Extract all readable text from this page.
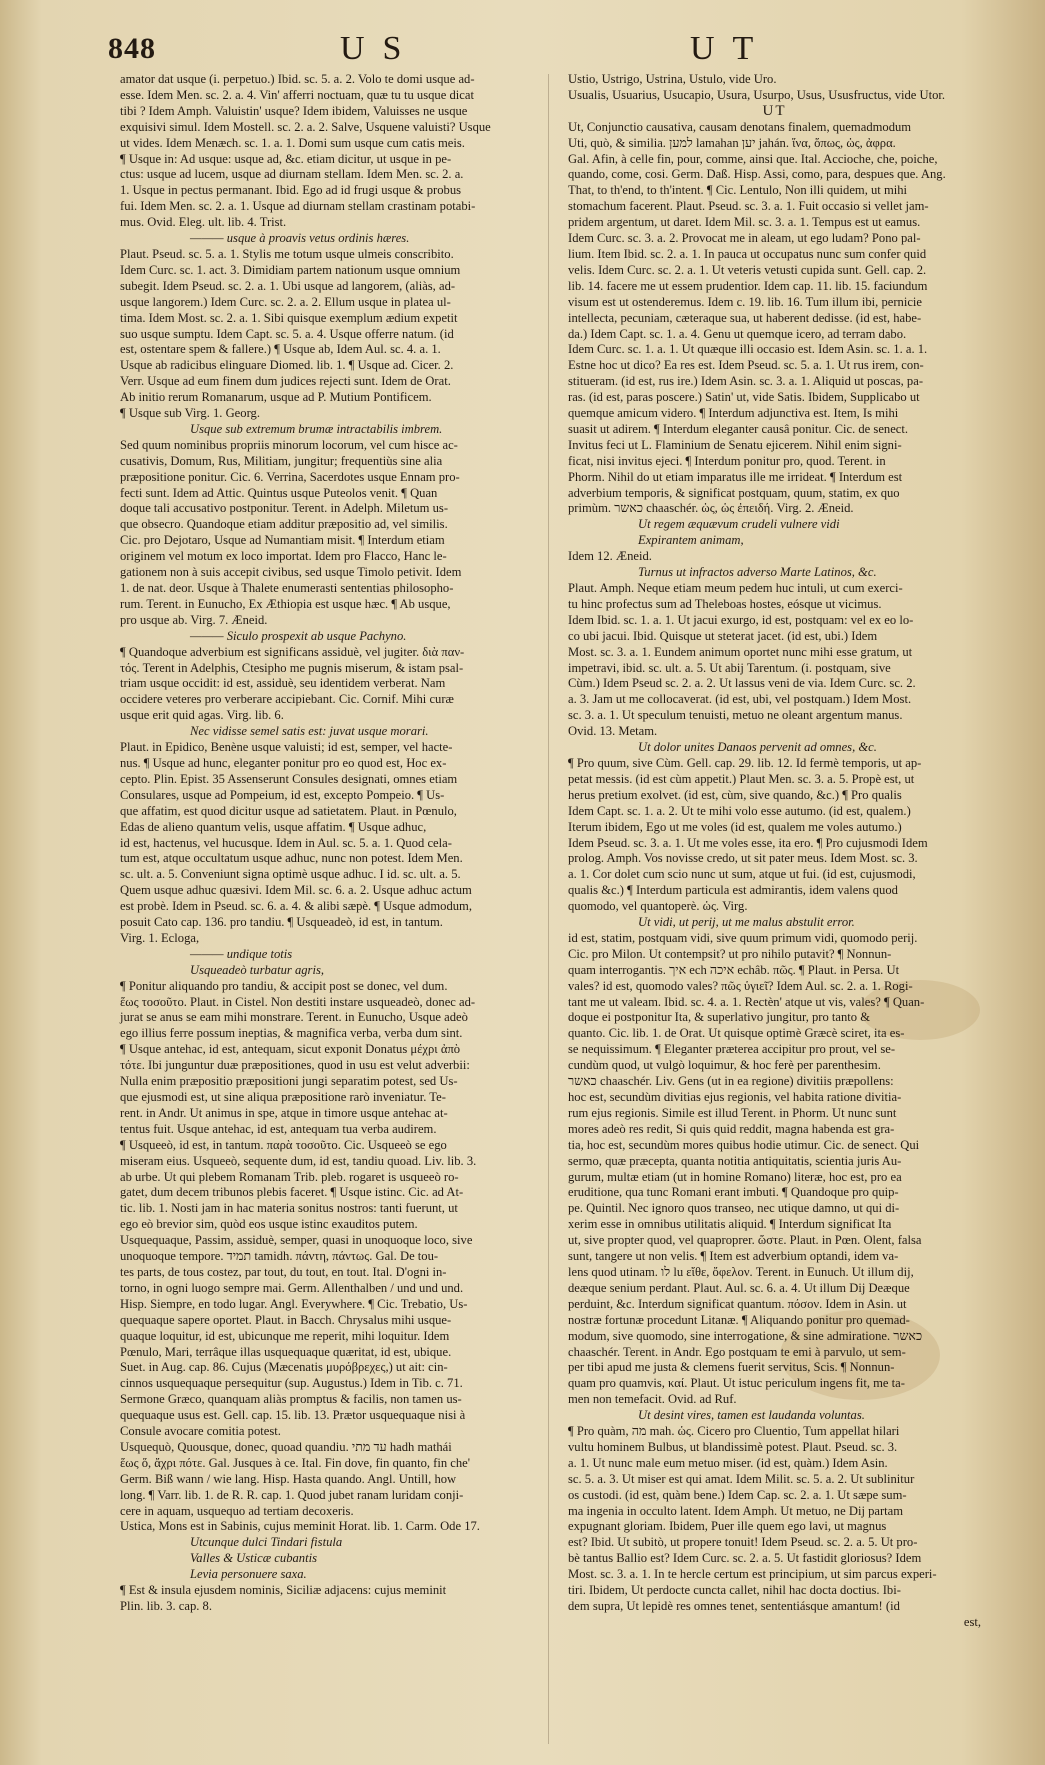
848	US	UT

amator dat usque (i. perpetuo.) Ibid. sc. 5. a. 2. Volo te domi usque ad-

esse. Idem Men. sc. 2. a. 4. Vin' afferri noctuam, quæ tu tu usque dicat

tibi ? Idem Amph. Valuistin' usque? Idem ibidem, Valuisses ne usque

exquisivi simul. Idem Mostell. sc. 2. a. 2. Salve, Usquene valuisti? Usque

ut vides. Idem Menæch. sc. 1. a. 1. Domi sum usque cum catis meis.

¶ Usque in: Ad usque: usque ad, &c. etiam dicitur, ut usque in pe-

ctus: usque ad lucem, usque ad diurnam stellam. Idem Men. sc. 2. a.

1. Usque in pectus permanant. Ibid. Ego ad id frugi usque & probus

fui. Idem Men. sc. 2. a. 1. Usque ad diurnam stellam crastinam potabi-

mus. Ovid. Eleg. ult. lib. 4. Trist.

——— usque à proavis vetus ordinis hæres.

Plaut. Pseud. sc. 5. a. 1. Stylis me totum usque ulmeis conscribito.

Idem Curc. sc. 1. act. 3. Dimidiam partem nationum usque omnium

subegit. Idem Pseud. sc. 2. a. 1. Ubi usque ad langorem, (aliàs, ad-

usque langorem.) Idem Curc. sc. 2. a. 2. Ellum usque in platea ul-

tima. Idem Most. sc. 2. a. 1. Sibi quisque exemplum ædium expetit

suo usque sumptu. Idem Capt. sc. 5. a. 4. Usque offerre natum. (id

est, ostentare spem & fallere.) ¶ Usque ab, Idem Aul. sc. 4. a. 1.

Usque ab radicibus elinguare Diomed. lib. 1. ¶ Usque ad. Cicer. 2.

Verr. Usque ad eum finem dum judices rejecti sunt. Idem de Orat.

Ab initio rerum Romanarum, usque ad P. Mutium Pontificem.

¶ Usque sub Virg. 1. Georg.

Usque sub extremum brumæ intractabilis imbrem.

Sed quum nominibus propriis minorum locorum, vel cum hisce ac-

cusativis, Domum, Rus, Militiam, jungitur; frequentiùs sine alia

præpositione ponitur. Cic. 6. Verrina, Sacerdotes usque Ennam pro-

fecti sunt. Idem ad Attic. Quintus usque Puteolos venit. ¶ Quan

doque tali accusativo postponitur. Terent. in Adelph. Miletum us-

que obsecro. Quandoque etiam additur præpositio ad, vel similis.

Cic. pro Dejotaro, Usque ad Numantiam misit. ¶ Interdum etiam

originem vel motum ex loco importat. Idem pro Flacco, Hanc le-

gationem non à suis accepit civibus, sed usque Timolo petivit. Idem

1. de nat. deor. Usque à Thalete enumerasti sententias philosopho-

rum. Terent. in Eunucho, Ex Æthiopia est usque hæc. ¶ Ab usque,

pro usque ab. Virg. 7. Æneid.

——— Siculo prospexit ab usque Pachyno.

¶ Quandoque adverbium est significans assiduè, vel jugiter. διὰ παν-

τός. Terent in Adelphis, Ctesipho me pugnis miserum, & istam psal-

triam usque occidit: id est, assiduè, seu identidem verberat. Nam

occidere veteres pro verberare accipiebant. Cic. Cornif. Mihi curæ

usque erit quid agas. Virg. lib. 6.

Nec vidisse semel satis est: juvat usque morari.

Plaut. in Epidico, Benène usque valuisti; id est, semper, vel hacte-

nus. ¶ Usque ad hunc, eleganter ponitur pro eo quod est, Hoc ex-

cepto. Plin. Epist. 35 Assenserunt Consules designati, omnes etiam

Consulares, usque ad Pompeium, id est, excepto Pompeio. ¶ Us-

que affatim, est quod dicitur usque ad satietatem. Plaut. in Pœnulo,

Edas de alieno quantum velis, usque affatim. ¶ Usque adhuc,

id est, hactenus, vel hucusque. Idem in Aul. sc. 5. a. 1. Quod cela-

tum est, atque occultatum usque adhuc, nunc non potest. Idem Men.

sc. ult. a. 5. Conveniunt signa optimè usque adhuc. I id. sc. ult. a. 5.

Quem usque adhuc quæsivi. Idem Mil. sc. 6. a. 2. Usque adhuc actum

est probè. Idem in Pseud. sc. 6. a. 4. & alibi sæpè. ¶ Usque admodum,

posuit Cato cap. 136. pro tandiu. ¶ Usqueadeò, id est, in tantum.

Virg. 1. Ecloga,

——— undique totis

Usqueadeò turbatur agris,

¶ Ponitur aliquando pro tandiu, & accipit post se donec, vel dum.

ἕως τοσοῦτο. Plaut. in Cistel. Non destiti instare usqueadeò, donec ad-

jurat se anus se eam mihi monstrare. Terent. in Eunucho, Usque adeò

ego illius ferre possum ineptias, & magnifica verba, verba dum sint.

¶ Usque antehac, id est, antequam, sicut exponit Donatus μέχρι ἀπὸ

τότε. Ibi junguntur duæ præpositiones, quod in usu est velut adverbii:

Nulla enim præpositio præpositioni jungi separatim potest, sed Us-

que ejusmodi est, ut sine aliqua præpositione rarò inveniatur. Te-

rent. in Andr. Ut animus in spe, atque in timore usque antehac at-

tentus fuit. Usque antehac, id est, antequam tua verba audirem.

¶ Usqueeò, id est, in tantum. παρὰ τοσοῦτο. Cic. Usqueeò se ego

miseram eius. Usqueeò, sequente dum, id est, tandiu quoad. Liv. lib. 3.

ab urbe. Ut qui plebem Romanam Trib. pleb. rogaret is usqueeò ro-

gatet, dum decem tribunos plebis faceret. ¶ Usque istinc. Cic. ad At-

tic. lib. 1. Nosti jam in hac materia sonitus nostros: tanti fuerunt, ut

ego eò brevior sim, quòd eos usque istinc exauditos putem.

Usquequaque, Passim, assiduè, semper, quasi in unoquoque loco, sive

unoquoque tempore. תמיד tamidh. πάντη, πάντως. Gal. De tou-

tes parts, de tous costez, par tout, du tout, en tout. Ital. D'ogni in-

torno, in ogni luogo sempre mai. Germ. Allenthalben / und und und.

Hisp. Siempre, en todo lugar. Angl. Everywhere. ¶ Cic. Trebatio, Us-

quequaque sapere oportet. Plaut. in Bacch. Chrysalus mihi usque-

quaque loquitur, id est, ubicunque me reperit, mihi loquitur. Idem

Pœnulo, Mari, terrâque illas usquequaque quæritat, id est, ubique.

Suet. in Aug. cap. 86. Cujus (Mæcenatis μυρόβρεχες,) ut ait: cin-

cinnos usquequaque persequitur (sup. Augustus.) Idem in Tib. c. 71.

Sermone Græco, quanquam aliàs promptus & facilis, non tamen us-

quequaque usus est. Gell. cap. 15. lib. 13. Prætor usquequaque nisi à

Consule avocare comitia potest.

Usquequò, Quousque, donec, quoad quandiu. עד מתי hadh mathái

ἕως ὅ, ἄχρι πότε. Gal. Jusques à ce. Ital. Fin dove, fin quanto, fin che'

Germ. Biß wann / wie lang. Hisp. Hasta quando. Angl. Untill, how

long. ¶ Varr. lib. 1. de R. R. cap. 1. Quod jubet ranam luridam conji-

cere in aquam, usquequo ad tertiam decoxeris.

Ustica, Mons est in Sabinis, cujus meminit Horat. lib. 1. Carm. Ode 17.

Utcunque dulci Tindari fistula

Valles & Usticæ cubantis

Levia personuere saxa.

¶ Est & insula ejusdem nominis, Siciliæ adjacens: cujus meminit

Plin. lib. 3. cap. 8.

Ustio, Ustrigo, Ustrina, Ustulo, vide Uro.

Usualis, Usuarius, Usucapio, Usura, Usurpo, Usus, Ususfructus, vide Utor.

UT

Ut, Conjunctio causativa, causam denotans finalem, quemadmodum

Uti, quò, & similia. למען lamahan יען jahán. ἵνα, ὅπως, ὡς, ἀφρα.

Gal. Afin, à celle fin, pour, comme, ainsi que. Ital. Accioche, che, poiche,

quando, come, cosi. Germ. Daß. Hisp. Assi, como, para, despues que. Ang.

That, to th'end, to th'intent. ¶ Cic. Lentulo, Non illi quidem, ut mihi

stomachum facerent. Plaut. Pseud. sc. 3. a. 1. Fuit occasio si vellet jam-

pridem argentum, ut daret. Idem Mil. sc. 3. a. 1. Tempus est ut eamus.

Idem Curc. sc. 3. a. 2. Provocat me in aleam, ut ego ludam? Pono pal-

lium. Item Ibid. sc. 2. a. 1. In pauca ut occupatus nunc sum confer quid

velis. Idem Curc. sc. 2. a. 1. Ut veteris vetusti cupida sunt. Gell. cap. 2.

lib. 14. facere me ut essem prudentior. Idem cap. 11. lib. 15. faciundum

visum est ut ostenderemus. Idem c. 19. lib. 16. Tum illum ibi, pernicie

intellecta, pecuniam, cæteraque sua, ut haberent dedisse. (id est, habe-

da.) Idem Capt. sc. 1. a. 4. Genu ut quemque icero, ad terram dabo.

Idem Curc. sc. 1. a. 1. Ut quæque illi occasio est. Idem Asin. sc. 1. a. 1.

Estne hoc ut dico? Ea res est. Idem Pseud. sc. 5. a. 1. Ut rus irem, con-

stitueram. (id est, rus ire.) Idem Asin. sc. 3. a. 1. Aliquid ut poscas, pa-

ras. (id est, paras poscere.) Satin' ut, vide Satis. Ibidem, Supplicabo ut

quemque amicum videro. ¶ Interdum adjunctiva est. Item, Is mihi

suasit ut adirem. ¶ Interdum eleganter causâ ponitur. Cic. de senect.

Invitus feci ut L. Flaminium de Senatu ejicerem. Nihil enim signi-

ficat, nisi invitus ejeci. ¶ Interdum ponitur pro, quod. Terent. in

Phorm. Nihil do ut etiam imparatus ille me irrideat. ¶ Interdum est

adverbium temporis, & significat postquam, quum, statim, ex quo

primùm. כאשר chaaschér. ὡς, ὡς ἐπειδή. Virg. 2. Æneid.

Ut regem æquævum crudeli vulnere vidi

Expirantem animam,

Idem 12. Æneid.

Turnus ut infractos adverso Marte Latinos, &c.

Plaut. Amph. Neque etiam meum pedem huc intuli, ut cum exerci-

tu hinc profectus sum ad Theleboas hostes, eósque ut vicimus.

Idem Ibid. sc. 1. a. 1. Ut jacui exurgo, id est, postquam: vel ex eo lo-

co ubi jacui. Ibid. Quisque ut steterat jacet. (id est, ubi.) Idem

Most. sc. 3. a. 1. Eundem animum oportet nunc mihi esse gratum, ut

impetravi, ibid. sc. ult. a. 5. Ut abij Tarentum. (i. postquam, sive

Cùm.) Idem Pseud sc. 2. a. 2. Ut lassus veni de via. Idem Curc. sc. 2.

a. 3. Jam ut me collocaverat. (id est, ubi, vel postquam.) Idem Most.

sc. 3. a. 1. Ut speculum tenuisti, metuo ne oleant argentum manus.

Ovid. 13. Metam.

Ut dolor unites Danaos pervenit ad omnes, &c.

¶ Pro quum, sive Cùm. Gell. cap. 29. lib. 12. Id fermè temporis, ut ap-

petat messis. (id est cùm appetit.) Plaut Men. sc. 3. a. 5. Propè est, ut

herus pretium exolvet. (id est, cùm, sive quando, &c.) ¶ Pro qualis

Idem Capt. sc. 1. a. 2. Ut te mihi volo esse autumo. (id est, qualem.)

Iterum ibidem, Ego ut me voles (id est, qualem me voles autumo.)

Idem Pseud. sc. 3. a. 1. Ut me voles esse, ita ero. ¶ Pro cujusmodi Idem

prolog. Amph. Vos novisse credo, ut sit pater meus. Idem Most. sc. 3.

a. 1. Cor dolet cum scio nunc ut sum, atque ut fui. (id est, cujusmodi,

qualis &c.) ¶ Interdum particula est admirantis, idem valens quod

quomodo, vel quantoperè. ὡς. Virg.

Ut vidi, ut perij, ut me malus abstulit error.

id est, statim, postquam vidi, sive quum primum vidi, quomodo perij.

Cic. pro Milon. Ut contempsit? ut pro nihilo putavit? ¶ Nonnun-

quam interrogantis. איך ech איכה echâb. πῶς. ¶ Plaut. in Persa. Ut

vales? id est, quomodo vales? πῶς ὑγιεῖ? Idem Aul. sc. 2. a. 1. Rogi-

tant me ut valeam. Ibid. sc. 4. a. 1. Rectèn' atque ut vis, vales? ¶ Quan-

doque ei postponitur Ita, & superlativo jungitur, pro tanto &

quanto. Cic. lib. 1. de Orat. Ut quisque optimè Græcè sciret, ita es-

se nequissimum. ¶ Eleganter præterea accipitur pro prout, vel se-

cundùm quod, ut vulgò loquimur, & hoc ferè per parenthesim.

כאשר chaaschér. Liv. Gens (ut in ea regione) divitiis præpollens:

hoc est, secundùm divitias ejus regionis, vel habita ratione divitia-

rum ejus regionis. Simile est illud Terent. in Phorm. Ut nunc sunt

mores adeò res redit, Si quis quid reddit, magna habenda est gra-

tia, hoc est, secundùm mores quibus hodie utimur. Cic. de senect. Qui

sermo, quæ præcepta, quanta notitia antiquitatis, scientia juris Au-

gurum, multæ etiam (ut in homine Romano) literæ, hoc est, pro ea

eruditione, qua tunc Romani erant imbuti. ¶ Quandoque pro quip-

pe. Quintil. Nec ignoro quos transeo, nec utique damno, ut qui di-

xerim esse in omnibus utilitatis aliquid. ¶ Interdum significat Ita

ut, sive propter quod, vel quaproprer. ὥστε. Plaut. in Pœn. Olent, falsa

sunt, tangere ut non velis. ¶ Item est adverbium optandi, idem va-

lens quod utinam. לו lu εἴθε, ὄφελον. Terent. in Eunuch. Ut illum dij,

deæque senium perdant. Plaut. Aul. sc. 6. a. 4. Ut illum Dij Deæque

perduint, &c. Interdum significat quantum. πόσον. Idem in Asin. ut

nostræ fortunæ procedunt Litanæ. ¶ Aliquando ponitur pro quemad-

modum, sive quomodo, sine interrogatione, & sine admiratione. כאשר

chaaschér. Terent. in Andr. Ego postquam te emi à parvulo, ut sem-

per tibi apud me justa & clemens fuerit servitus, Scis. ¶ Nonnun-

quam pro quamvis, καί. Plaut. Ut istuc periculum ingens fit, me ta-

men non temefacit. Ovid. ad Ruf.

Ut desint vires, tamen est laudanda voluntas.

¶ Pro quàm, מה mah. ὡς. Cicero pro Cluentio, Tum appellat hilari

vultu hominem Bulbus, ut blandissimè potest. Plaut. Pseud. sc. 3.

a. 1. Ut nunc male eum metuo miser. (id est, quàm.) Idem Asin.

sc. 5. a. 3. Ut miser est qui amat. Idem Milit. sc. 5. a. 2. Ut sublinitur

os custodi. (id est, quàm bene.) Idem Cap. sc. 2. a. 1. Ut sæpe sum-

ma ingenia in occulto latent. Idem Amph. Ut metuo, ne Dij partam

expugnant gloriam. Ibidem, Puer ille quem ego lavi, ut magnus

est? Ibid. Ut subitò, ut propere tonuit! Idem Pseud. sc. 2. a. 5. Ut pro-

bè tantus Ballio est? Idem Curc. sc. 2. a. 5. Ut fastidit gloriosus? Idem

Most. sc. 3. a. 1. In te hercle certum est principium, ut sim parcus experi-

tiri. Ibidem, Ut perdocte cuncta callet, nihil hac docta doctius. Ibi-

dem supra, Ut lepidè res omnes tenet, sententiásque amantum! (id

est,
